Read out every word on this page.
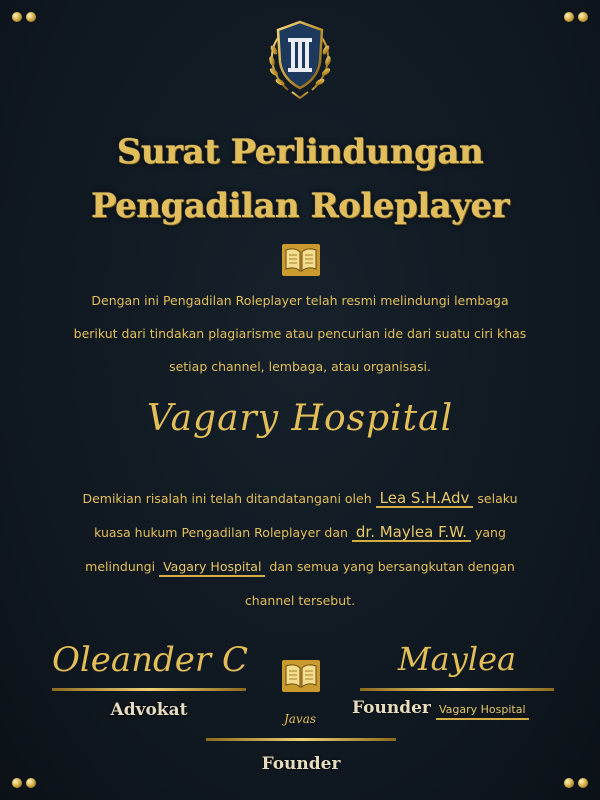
Surat Perlindungan
Pengadilan Roleplayer
Dengan ini Pengadilan Roleplayer telah resmi melindungi lembaga
berikut dari tindakan plagiarisme atau pencurian ide dari suatu ciri khas
setiap channel, lembaga, atau organisasi.
Vagary Hospital
Demikian risalah ini telah ditandatangani oleh Lea S.H.Adv selaku
kuasa hukum Pengadilan Roleplayer dan dr. Maylea F.W. yang
melindungi Vagary Hospital dan semua yang bersangkutan dengan
channel tersebut.
Oleander C
Advokat	Javas
Founder
Maylea
Founder Vagary Hospital
